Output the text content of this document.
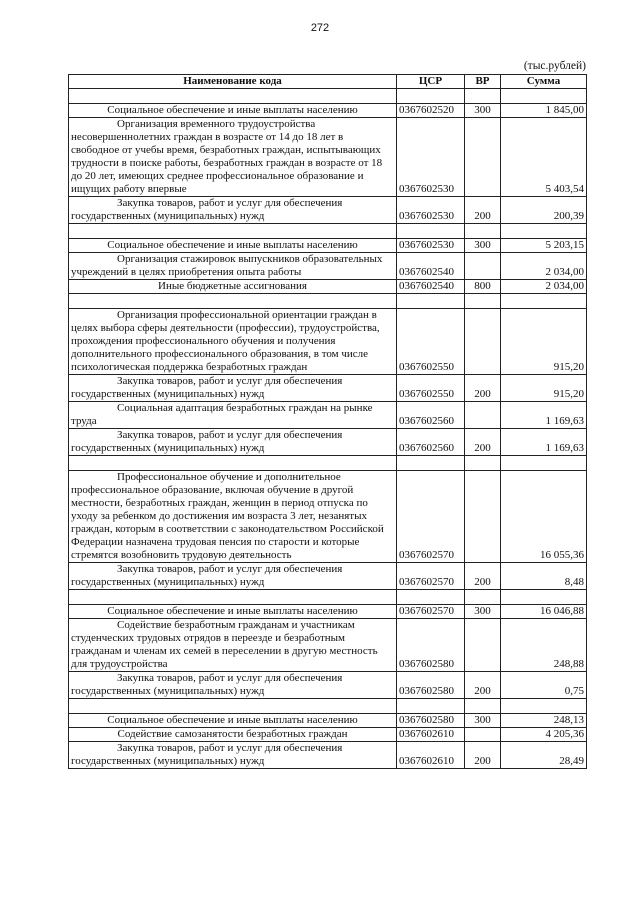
272
(тыс.рублей)
Наименование кода	ЦСР	ВР	Сумма

Социальное обеспечение и иные выплаты населению	0367602520	300	1 845,00
Организация временного трудоустройства несовершеннолетних граждан в возрасте от 14 до 18 лет в свободное от учебы время, безработных граждан, испытывающих трудности в поиске работы, безработных граждан в возрасте от 18 до 20 лет, имеющих среднее профессиональное образование и ищущих работу впервые	0367602530		5 403,54
Закупка товаров, работ и услуг для обеспечения государственных (муниципальных) нужд	0367602530	200	200,39

Социальное обеспечение и иные выплаты населению	0367602530	300	5 203,15
Организация стажировок выпускников образовательных учреждений в целях приобретения опыта работы	0367602540		2 034,00
Иные бюджетные ассигнования	0367602540	800	2 034,00

Организация профессиональной ориентации граждан в целях выбора сферы деятельности (профессии), трудоустройства, прохождения профессионального обучения и получения дополнительного профессионального образования, в том числе психологическая поддержка безработных граждан	0367602550		915,20
Закупка товаров, работ и услуг для обеспечения государственных (муниципальных) нужд	0367602550	200	915,20
Социальная адаптация безработных граждан на рынке труда	0367602560		1 169,63
Закупка товаров, работ и услуг для обеспечения государственных (муниципальных) нужд	0367602560	200	1 169,63

Профессиональное обучение и дополнительное профессиональное образование, включая обучение в другой местности, безработных граждан, женщин в период отпуска по уходу за ребенком до достижения им возраста 3 лет, незанятых граждан, которым в соответствии с законодательством Российской Федерации назначена трудовая пенсия по старости и которые стремятся возобновить трудовую деятельность	0367602570		16 055,36
Закупка товаров, работ и услуг для обеспечения государственных (муниципальных) нужд	0367602570	200	8,48

Социальное обеспечение и иные выплаты населению	0367602570	300	16 046,88
Содействие безработным гражданам и участникам студенческих трудовых отрядов в переезде и безработным гражданам и членам их семей в переселении в другую местность для трудоустройства	0367602580		248,88
Закупка товаров, работ и услуг для обеспечения государственных (муниципальных) нужд	0367602580	200	0,75

Социальное обеспечение и иные выплаты населению	0367602580	300	248,13
Содействие самозанятости безработных граждан	0367602610		4 205,36
Закупка товаров, работ и услуг для обеспечения государственных (муниципальных) нужд	0367602610	200	28,49
